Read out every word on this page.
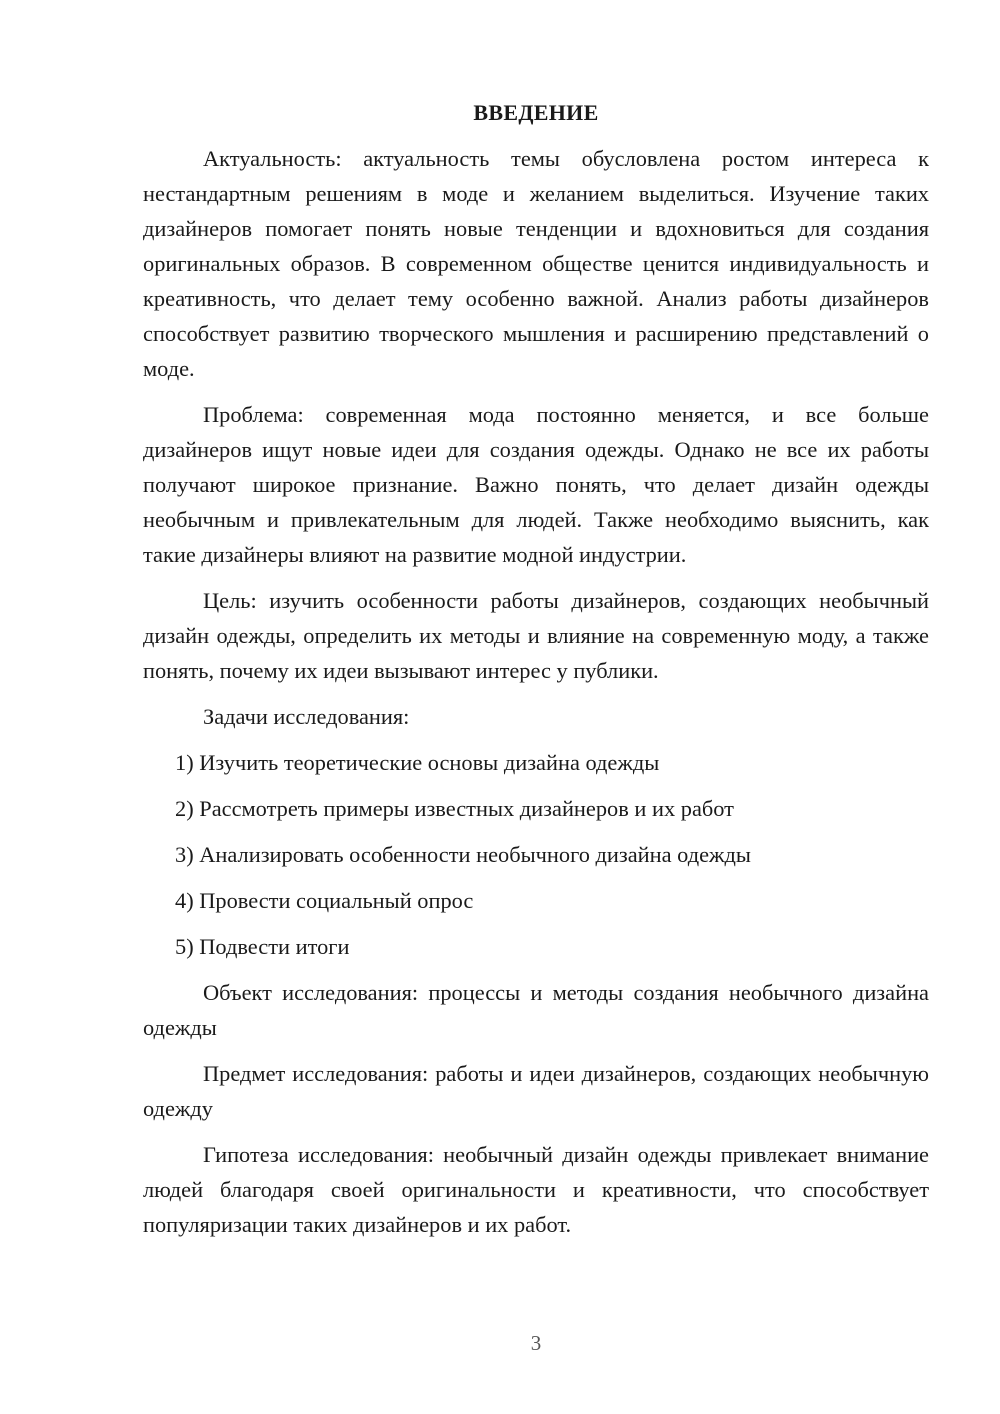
ВВЕДЕНИЕ

Актуальность: актуальность темы обусловлена ростом интереса к нестандартным решениям в моде и желанием выделиться. Изучение таких дизайнеров помогает понять новые тенденции и вдохновиться для создания оригинальных образов. В современном обществе ценится индивидуальность и креативность, что делает тему особенно важной. Анализ работы дизайнеров способствует развитию творческого мышления и расширению представлений о моде.

Проблема: современная мода постоянно меняется, и все больше дизайнеров ищут новые идеи для создания одежды. Однако не все их работы получают широкое признание. Важно понять, что делает дизайн одежды необычным и привлекательным для людей. Также необходимо выяснить, как такие дизайнеры влияют на развитие модной индустрии.

Цель: изучить особенности работы дизайнеров, создающих необычный дизайн одежды, определить их методы и влияние на современную моду, а также понять, почему их идеи вызывают интерес у публики.

Задачи исследования:

1) Изучить теоретические основы дизайна одежды
2) Рассмотреть примеры известных дизайнеров и их работ
3) Анализировать особенности необычного дизайна одежды
4) Провести социальный опрос
5) Подвести итоги

Объект исследования: процессы и методы создания необычного дизайна одежды

Предмет исследования: работы и идеи дизайнеров, создающих необычную одежду

Гипотеза исследования: необычный дизайн одежды привлекает внимание людей благодаря своей оригинальности и креативности, что способствует популяризации таких дизайнеров и их работ.

3
